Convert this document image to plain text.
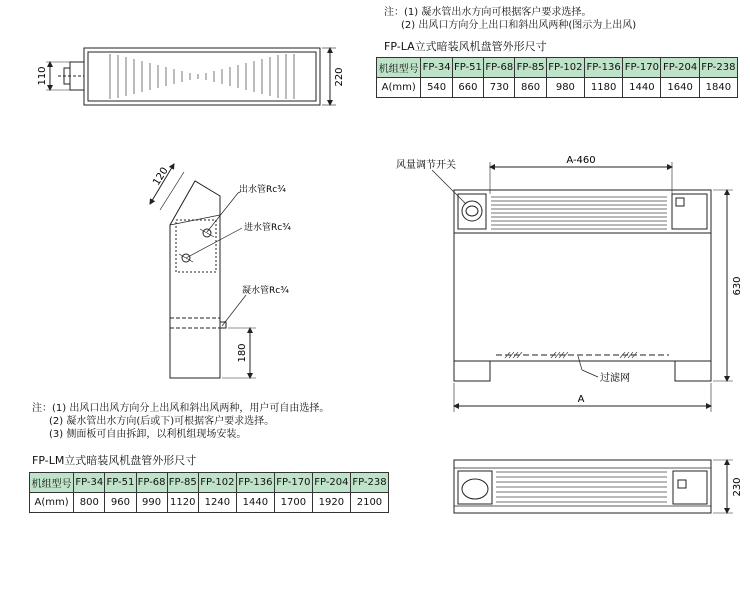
110	220
120
出水管Rc¾
进水管Rc¾
凝水管Rc¾
180
风量调节开关	A-460
630
过滤网
A
230
注：(1) 凝水管出水方向可根据客户要求选择。
(2) 出风口方向分上出口和斜出风两种(图示为上出风)
FP-LA立式暗装风机盘管外形尺寸
机组型号	FP-34	FP-51	FP-68	FP-85	FP-102	FP-136	FP-170	FP-204	FP-238
A(mm)	540	660	730	860	980	1180	1440	1640	1840
注：(1) 出风口出风方向分上出风和斜出风两种，用户可自由选择。
(2) 凝水管出水方向(后或下)可根据客户要求选择。
(3) 侧面板可自由拆卸，以利机组现场安装。
FP-LM立式暗装风机盘管外形尺寸
机组型号	FP-34	FP-51	FP-68	FP-85	FP-102	FP-136	FP-170	FP-204	FP-238
A(mm)	800	960	990	1120	1240	1440	1700	1920	2100
